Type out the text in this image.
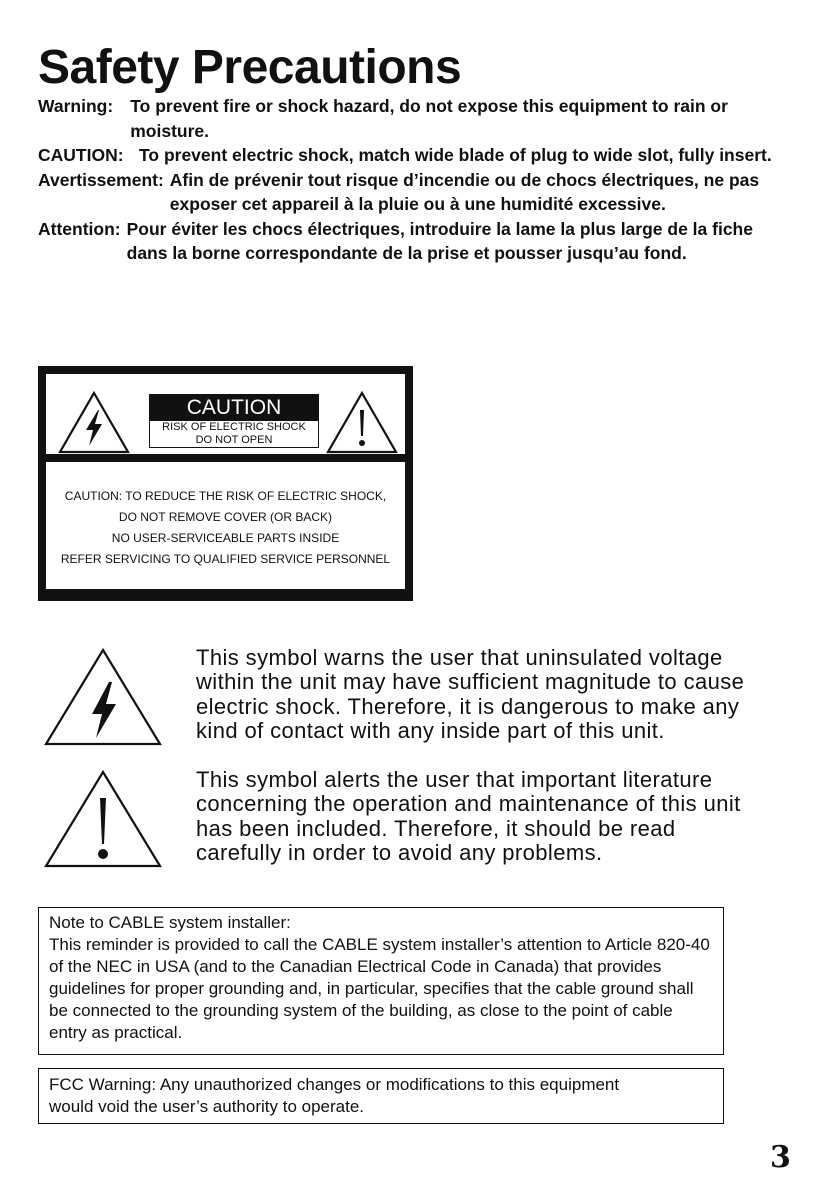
Safety Precautions
Warning: To prevent fire or shock hazard, do not expose this equipment to rain or moisture.
CAUTION: To prevent electric shock, match wide blade of plug to wide slot, fully insert.
Avertissement: Afin de prévenir tout risque d’incendie ou de chocs électriques, ne pas exposer cet appareil à la pluie ou à une humidité excessive.
Attention: Pour éviter les chocs électriques, introduire la lame la plus large de la fiche dans la borne correspondante de la prise et pousser jusqu’au fond.
CAUTION
RISK OF ELECTRIC SHOCK
DO NOT OPEN
CAUTION: TO REDUCE THE RISK OF ELECTRIC SHOCK,
DO NOT REMOVE COVER (OR BACK)
NO USER-SERVICEABLE PARTS INSIDE
REFER SERVICING TO QUALIFIED SERVICE PERSONNEL
This symbol warns the user that uninsulated voltage within the unit may have sufficient magnitude to cause electric shock. Therefore, it is dangerous to make any kind of contact with any inside part of this unit.
This symbol alerts the user that important literature concerning the operation and maintenance of this unit has been included. Therefore, it should be read carefully in order to avoid any problems.
Note to CABLE system installer:
This reminder is provided to call the CABLE system installer’s attention to Article 820-40 of the NEC in USA (and to the Canadian Electrical Code in Canada) that provides guidelines for proper grounding and, in particular, specifies that the cable ground shall be connected to the grounding system of the building, as close to the point of cable entry as practical.
FCC Warning: Any unauthorized changes or modifications to this equipment would void the user’s authority to operate.
3
